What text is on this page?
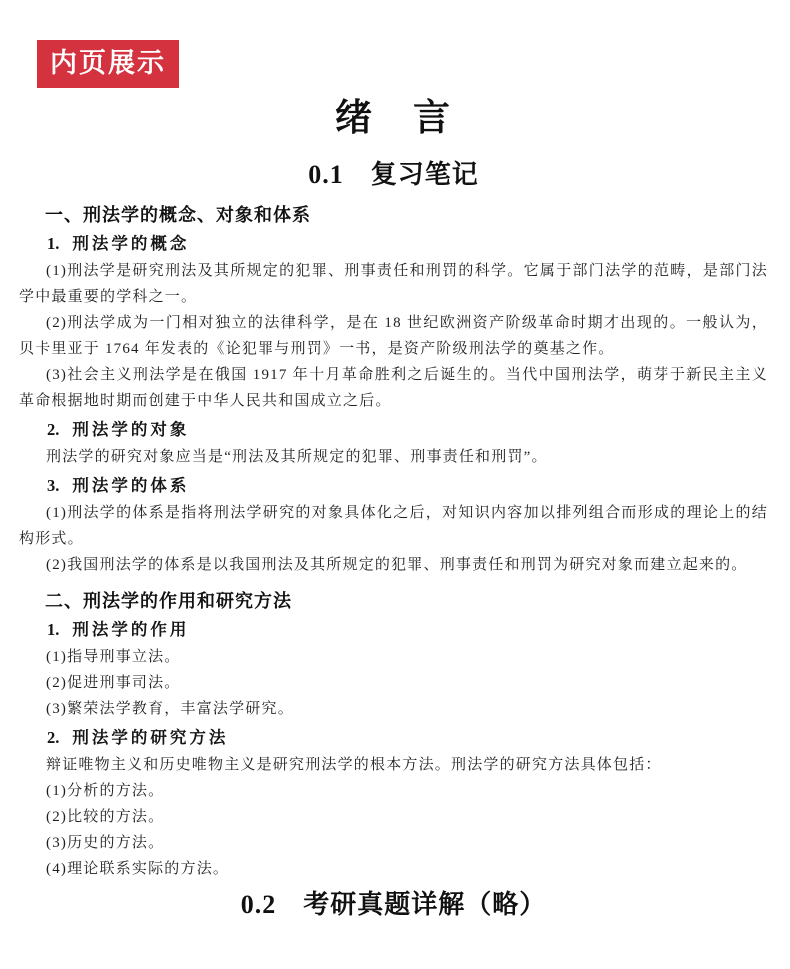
内页展示
绪　言
0.1　复习笔记
一、刑法学的概念、对象和体系
1. 刑法学的概念

(1)刑法学是研究刑法及其所规定的犯罪、刑事责任和刑罚的科学。它属于部门法学的范畴，是部门法学中最重要的学科之一。

(2)刑法学成为一门相对独立的法律科学，是在 18 世纪欧洲资产阶级革命时期才出现的。一般认为，贝卡里亚于 1764 年发表的《论犯罪与刑罚》一书，是资产阶级刑法学的奠基之作。

(3)社会主义刑法学是在俄国 1917 年十月革命胜利之后诞生的。当代中国刑法学，萌芽于新民主主义革命根据地时期而创建于中华人民共和国成立之后。

2. 刑法学的对象

刑法学的研究对象应当是“刑法及其所规定的犯罪、刑事责任和刑罚”。

3. 刑法学的体系

(1)刑法学的体系是指将刑法学研究的对象具体化之后，对知识内容加以排列组合而形成的理论上的结构形式。

(2)我国刑法学的体系是以我国刑法及其所规定的犯罪、刑事责任和刑罚为研究对象而建立起来的。

二、刑法学的作用和研究方法
1. 刑法学的作用

(1)指导刑事立法。

(2)促进刑事司法。

(3)繁荣法学教育，丰富法学研究。

2. 刑法学的研究方法

辩证唯物主义和历史唯物主义是研究刑法学的根本方法。刑法学的研究方法具体包括：

(1)分析的方法。

(2)比较的方法。

(3)历史的方法。

(4)理论联系实际的方法。

0.2　考研真题详解（略）
